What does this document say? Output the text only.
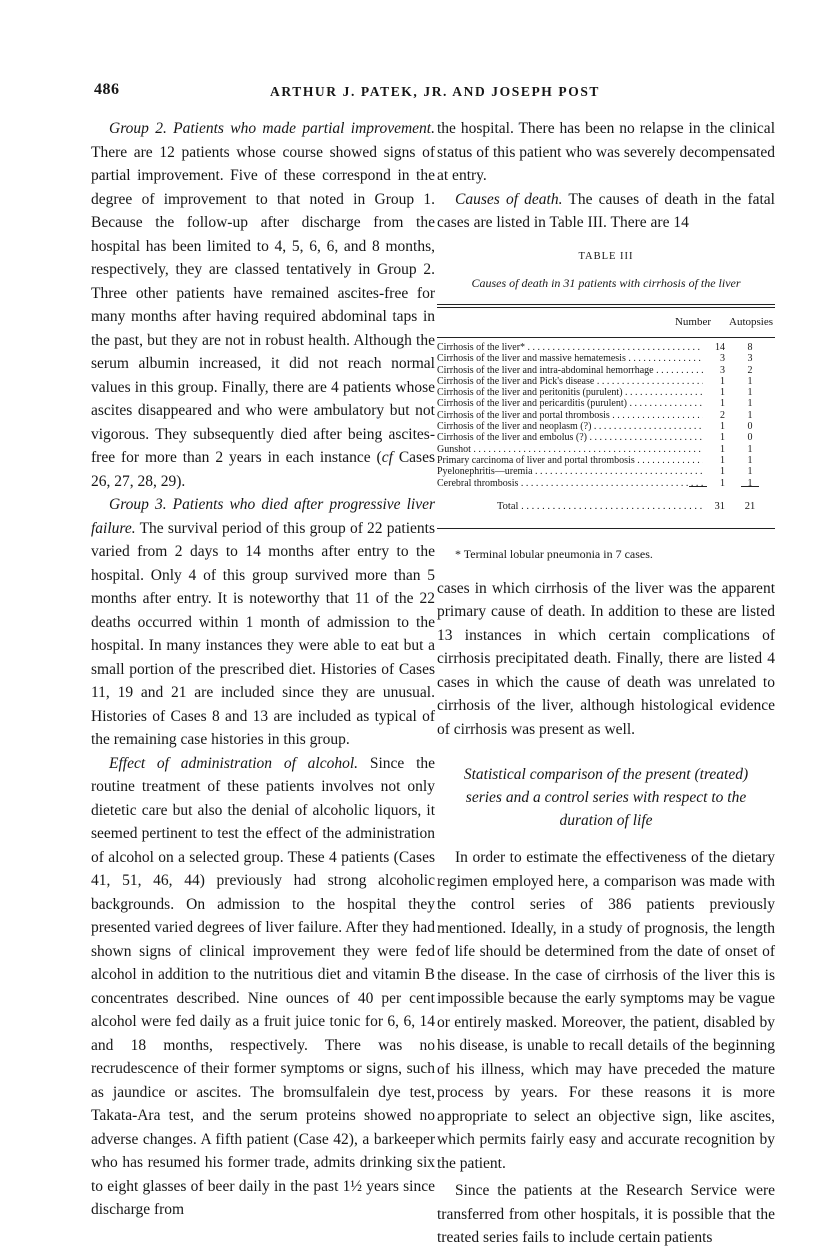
486	ARTHUR J. PATEK, JR. AND JOSEPH POST

Group 2. Patients who made partial improvement. There are 12 patients whose course showed signs of partial improvement. Five of these correspond in the degree of improvement to that noted in Group 1. Because the follow-up after discharge from the hospital has been limited to 4, 5, 6, 6, and 8 months, respectively, they are classed tentatively in Group 2. Three other patients have remained ascites-free for many months after having required abdominal taps in the past, but they are not in robust health. Although the serum albumin increased, it did not reach normal values in this group. Finally, there are 4 patients whose ascites disappeared and who were ambulatory but not vigorous. They subsequently died after being ascites-free for more than 2 years in each instance (cf Cases 26, 27, 28, 29).

Group 3. Patients who died after progressive liver failure. The survival period of this group of 22 patients varied from 2 days to 14 months after entry to the hospital. Only 4 of this group survived more than 5 months after entry. It is noteworthy that 11 of the 22 deaths occurred within 1 month of admission to the hospital. In many instances they were able to eat but a small portion of the prescribed diet. Histories of Cases 11, 19 and 21 are included since they are unusual. Histories of Cases 8 and 13 are included as typical of the remaining case histories in this group.

Effect of administration of alcohol. Since the routine treatment of these patients involves not only dietetic care but also the denial of alcoholic liquors, it seemed pertinent to test the effect of the administration of alcohol on a selected group. These 4 patients (Cases 41, 51, 46, 44) previously had strong alcoholic backgrounds. On admission to the hospital they presented varied degrees of liver failure. After they had shown signs of clinical improvement they were fed alcohol in addition to the nutritious diet and vitamin B concentrates described. Nine ounces of 40 per cent alcohol were fed daily as a fruit juice tonic for 6, 6, 14 and 18 months, respectively. There was no recrudescence of their former symptoms or signs, such as jaundice or ascites. The bromsulfalein dye test, Takata-Ara test, and the serum proteins showed no adverse changes. A fifth patient (Case 42), a barkeeper who has resumed his former trade, admits drinking six to eight glasses of beer daily in the past 1½ years since discharge from

the hospital. There has been no relapse in the clinical status of this patient who was severely decompensated at entry.

Causes of death. The causes of death in the fatal cases are listed in Table III. There are 14

TABLE III
Causes of death in 31 patients with cirrhosis of the liver
Number	Autopsies
Cirrhosis of the liver* . . .	14	8
Cirrhosis of the liver and massive hematemesis . . .	3	3
Cirrhosis of the liver and intra-abdominal hemorrhage . . .	3	2
Cirrhosis of the liver and Pick's disease . . .	1	1
Cirrhosis of the liver and peritonitis (purulent) . . .	1	1
Cirrhosis of the liver and pericarditis (purulent) . . .	1	1
Cirrhosis of the liver and portal thrombosis . . .	2	1
Cirrhosis of the liver and neoplasm (?) . . .	1	0
Cirrhosis of the liver and embolus (?) . . .	1	0
Gunshot . . .	1	1
Primary carcinoma of liver and portal thrombosis . . .	1	1
Pyelonephritis—uremia . . .	1	1
Cerebral thrombosis . . .	1	1
Total . . .	31	21
* Terminal lobular pneumonia in 7 cases.

cases in which cirrhosis of the liver was the apparent primary cause of death. In addition to these are listed 13 instances in which certain complications of cirrhosis precipitated death. Finally, there are listed 4 cases in which the cause of death was unrelated to cirrhosis of the liver, although histological evidence of cirrhosis was present as well.

Statistical comparison of the present (treated) series and a control series with respect to the duration of life

In order to estimate the effectiveness of the dietary regimen employed here, a comparison was made with the control series of 386 patients previously mentioned. Ideally, in a study of prognosis, the length of life should be determined from the date of onset of the disease. In the case of cirrhosis of the liver this is impossible because the early symptoms may be vague or entirely masked. Moreover, the patient, disabled by his disease, is unable to recall details of the beginning of his illness, which may have preceded the mature process by years. For these reasons it is more appropriate to select an objective sign, like ascites, which permits fairly easy and accurate recognition by the patient.

Since the patients at the Research Service were transferred from other hospitals, it is possible that the treated series fails to include certain patients
